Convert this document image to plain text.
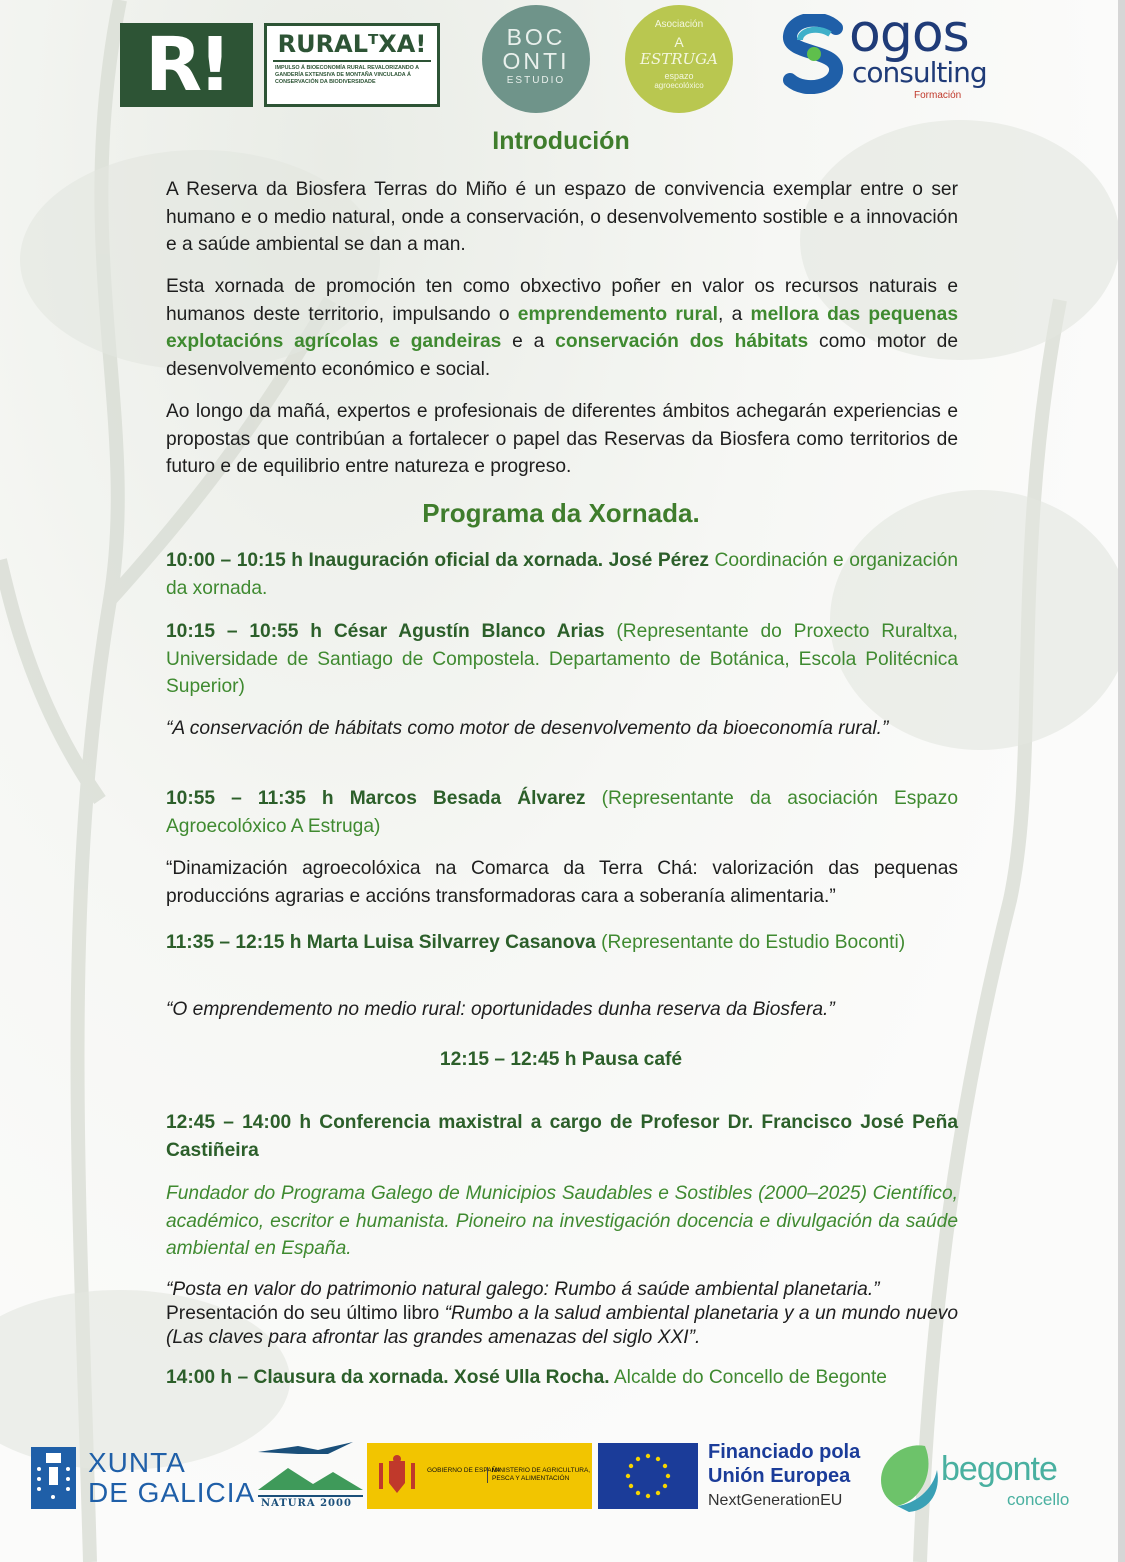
R!	RURALᵀXA!
IMPULSO Á BIOECONOMÍA RURAL REVALORIZANDO A GANDERÍA EXTENSIVA DE MONTAÑA VINCULADA Á CONSERVACIÓN DA BIODIVERSIDADE
BOC
ONTI
ESTUDIO
Asociación
A
ESTRUGA
espazo
agroecolóxico
ogos
consulting
Formación
Introdución

A Reserva da Biosfera Terras do Miño é un espazo de convivencia exemplar entre o ser humano e o medio natural, onde a conservación, o desenvolvemento sostible e a innovación e a saúde ambiental se dan a man.

Esta xornada de promoción ten como obxectivo poñer en valor os recursos naturais e humanos deste territorio, impulsando o emprendemento rural, a mellora das pequenas explotacións agrícolas e gandeiras e a conservación dos hábitats como motor de desenvolvemento económico e social.

Ao longo da mañá, expertos e profesionais de diferentes ámbitos achegarán experiencias e propostas que contribúan a fortalecer o papel das Reservas da Biosfera como territorios de futuro e de equilibrio entre natureza e progreso.

Programa da Xornada.

10:00 – 10:15 h Inauguración oficial da xornada. José Pérez Coordinación e organización da xornada.

10:15 – 10:55 h César Agustín Blanco Arias (Representante do Proxecto Ruraltxa, Universidade de Santiago de Compostela. Departamento de Botánica, Escola Politécnica Superior)

“A conservación de hábitats como motor de desenvolvemento da bioeconomía rural.”

10:55 – 11:35 h Marcos Besada Álvarez (Representante da asociación Espazo Agroecolóxico A Estruga)

“Dinamización agroecolóxica na Comarca da Terra Chá: valorización das pequenas produccións agrarias e accións transformadoras cara a soberanía alimentaria.”

11:35 – 12:15 h Marta Luisa Silvarrey Casanova (Representante do Estudio Boconti)

“O emprendemento no medio rural: oportunidades dunha reserva da Biosfera.”

12:15 – 12:45 h Pausa café

12:45 – 14:00 h Conferencia maxistral a cargo de Profesor Dr. Francisco José Peña Castiñeira

Fundador do Programa Galego de Municipios Saudables e Sostibles (2000–2025) Científico, académico, escritor e humanista. Pioneiro na investigación docencia e divulgación da saúde ambiental en España.

“Posta en valor do patrimonio natural galego: Rumbo á saúde ambiental planetaria.”
Presentación do seu último libro “Rumbo a la salud ambiental planetaria y a un mundo nuevo (Las claves para afrontar las grandes amenazas del siglo XXI”.

14:00 h – Clausura da xornada. Xosé Ulla Rocha. Alcalde do Concello de Begonte

XUNTA
DE GALICIA NATURA 2000
GOBIERNO DE ESPAÑA
MINISTERIO DE AGRICULTURA, PESCA Y ALIMENTACIÓN
Financiado pola
Unión Europea
NextGenerationEU
begonte
concello
